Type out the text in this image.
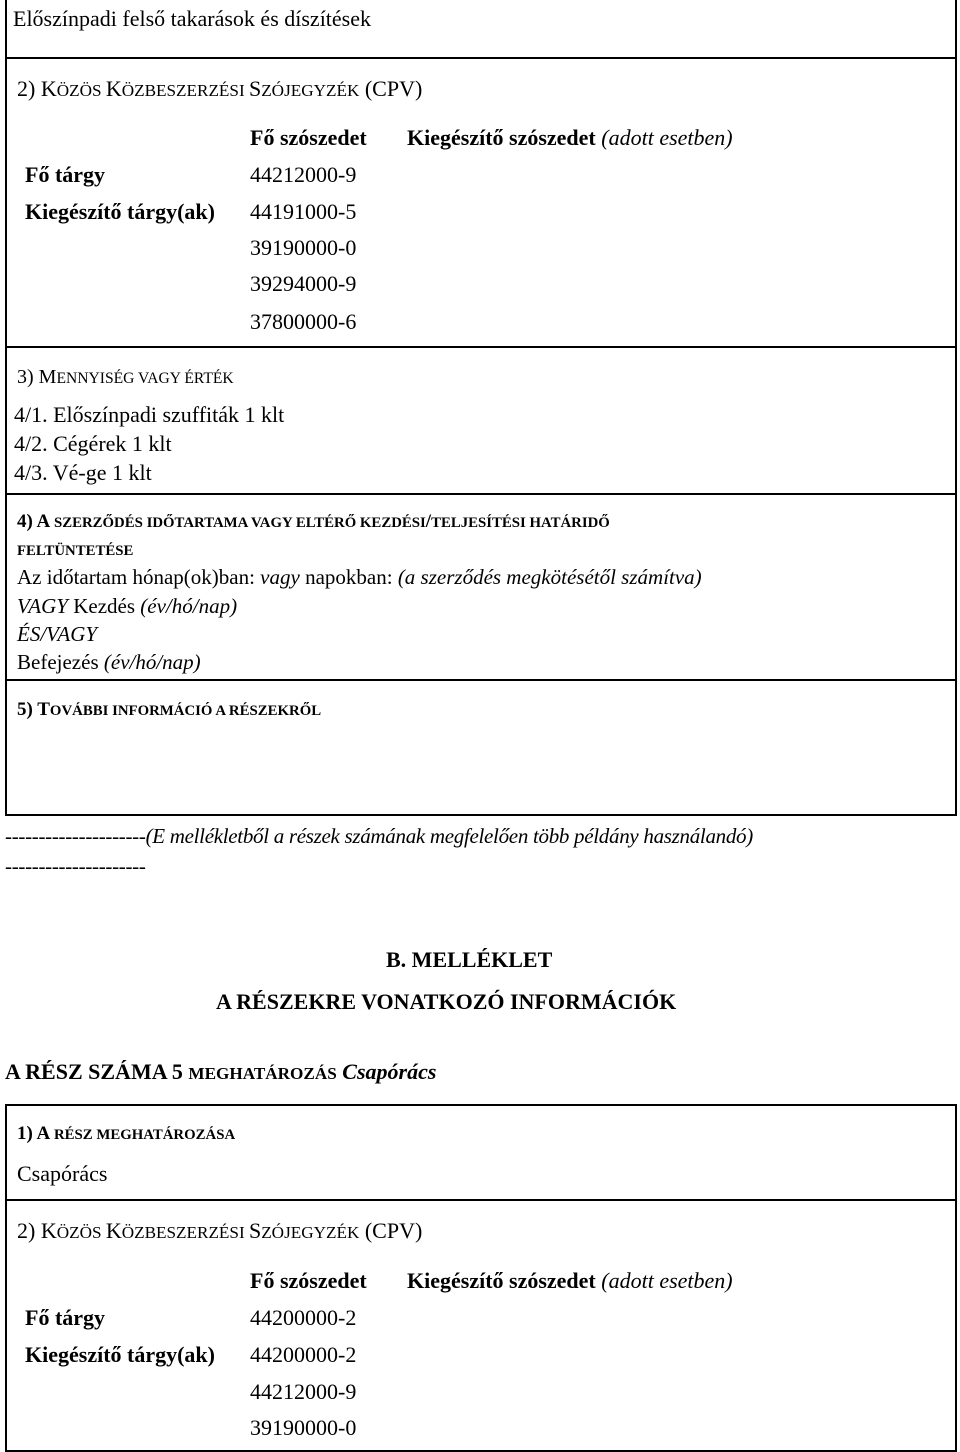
Előszínpadi felső takarások és díszítések
2) KÖZÖS KÖZBESZERZÉSI SZÓJEGYZÉK (CPV)
Fő szószedet Kiegészítő szószedet (adott esetben)
Fő tárgy	44212000-9
Kiegészítő tárgy(ak) 44191000-5
39190000-0
39294000-9
37800000-6
3) MENNYISÉG VAGY ÉRTÉK
4/1. Előszínpadi szuffiták 1 klt
4/2. Cégérek 1 klt
4/3. Vé-ge 1 klt
4) A SZERZŐDÉS IDŐTARTAMA VAGY ELTÉRŐ KEZDÉSI/TELJESÍTÉSI HATÁRIDŐ
FELTÜNTETÉSE
Az időtartam hónap(ok)ban: vagy napokban: (a szerződés megkötésétől számítva)
VAGY Kezdés (év/hó/nap)
ÉS/VAGY
Befejezés (év/hó/nap)
5) TOVÁBBI INFORMÁCIÓ A RÉSZEKRŐL
---------------------(E mellékletből a részek számának megfelelően több példány használandó)
---------------------
B. MELLÉKLET
A RÉSZEKRE VONATKOZÓ INFORMÁCIÓK
A RÉSZ SZÁMA 5 MEGHATÁROZÁS Csapórács
1) A RÉSZ MEGHATÁROZÁSA
Csapórács
2) KÖZÖS KÖZBESZERZÉSI SZÓJEGYZÉK (CPV)
Fő szószedet Kiegészítő szószedet (adott esetben)
Fő tárgy	44200000-2
Kiegészítő tárgy(ak) 44200000-2
44212000-9
39190000-0
